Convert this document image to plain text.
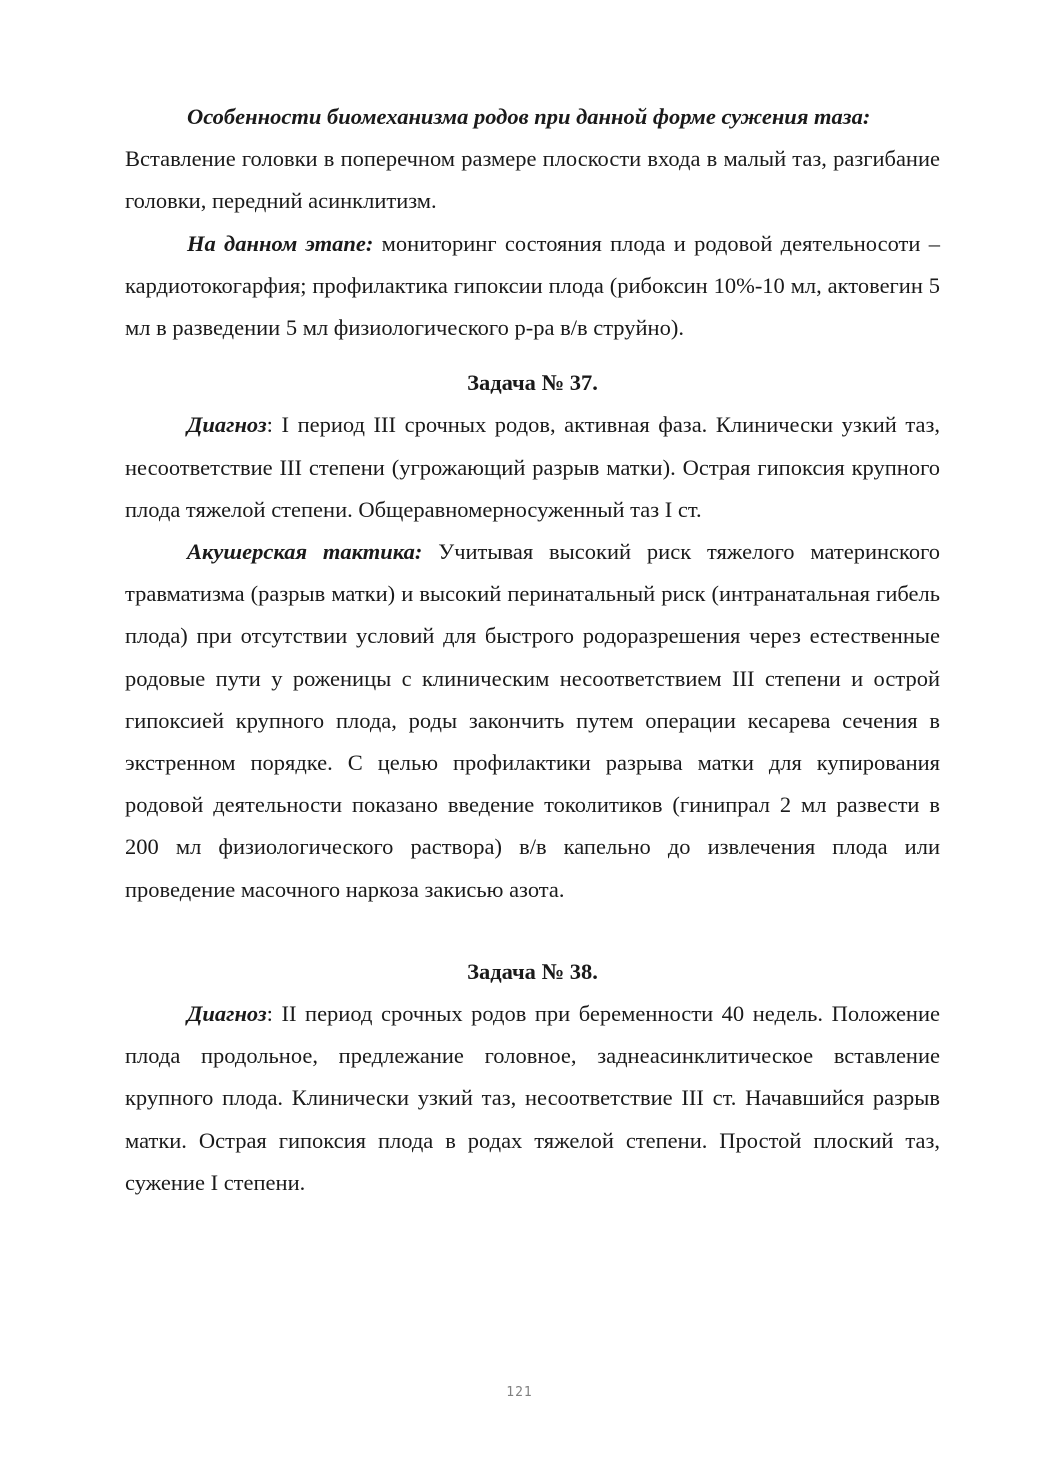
Особенности биомеханизма родов при данной форме сужения таза:

Вставление головки в поперечном размере плоскости входа в малый таз, разгибание головки, передний асинклитизм.

На данном этапе: мониторинг состояния плода и родовой деятельносоти – кардиотокогарфия; профилактика гипоксии плода (рибоксин 10%-10 мл, актовегин 5 мл в разведении 5 мл физиологического р-ра в/в струйно).

Задача № 37.

Диагноз: I период III срочных родов, активная фаза. Клинически узкий таз, несоответствие III степени (угрожающий разрыв матки). Острая гипоксия крупного плода тяжелой степени. Общеравномерносуженный таз I ст.

Акушерская тактика: Учитывая высокий риск тяжелого материнского травматизма (разрыв матки) и высокий перинатальный риск (интранатальная гибель плода) при отсутствии условий для быстрого родоразрешения через естественные родовые пути у роженицы с клиническим несоответствием III степени и острой гипоксией крупного плода, роды закончить путем операции кесарева сечения в экстренном порядке. С целью профилактики разрыва матки для купирования родовой деятельности показано введение токолитиков (гинипрал 2 мл развести в 200 мл физиологического раствора) в/в капельно до извлечения плода или проведение масочного наркоза закисью азота.

Задача № 38.

Диагноз: II период срочных родов при беременности 40 недель. Положение плода продольное, предлежание головное, заднеасинклитическое вставление крупного плода. Клинически узкий таз, несоответствие III ст. Начавшийся разрыв матки. Острая гипоксия плода в родах тяжелой степени. Простой плоский таз, сужение I степени.

121
